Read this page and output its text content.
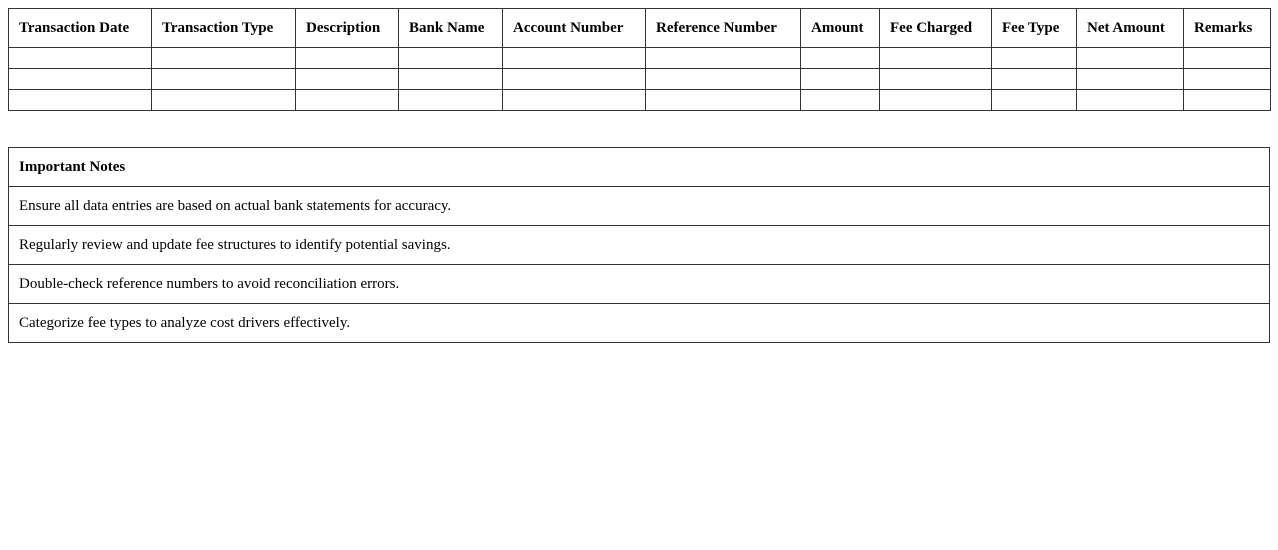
Transaction Date	Transaction Type	Description	Bank Name	Account Number	Reference Number	Amount	Fee Charged	Fee Type	Net Amount	Remarks

Important Notes
Ensure all data entries are based on actual bank statements for accuracy.
Regularly review and update fee structures to identify potential savings.
Double-check reference numbers to avoid reconciliation errors.
Categorize fee types to analyze cost drivers effectively.
